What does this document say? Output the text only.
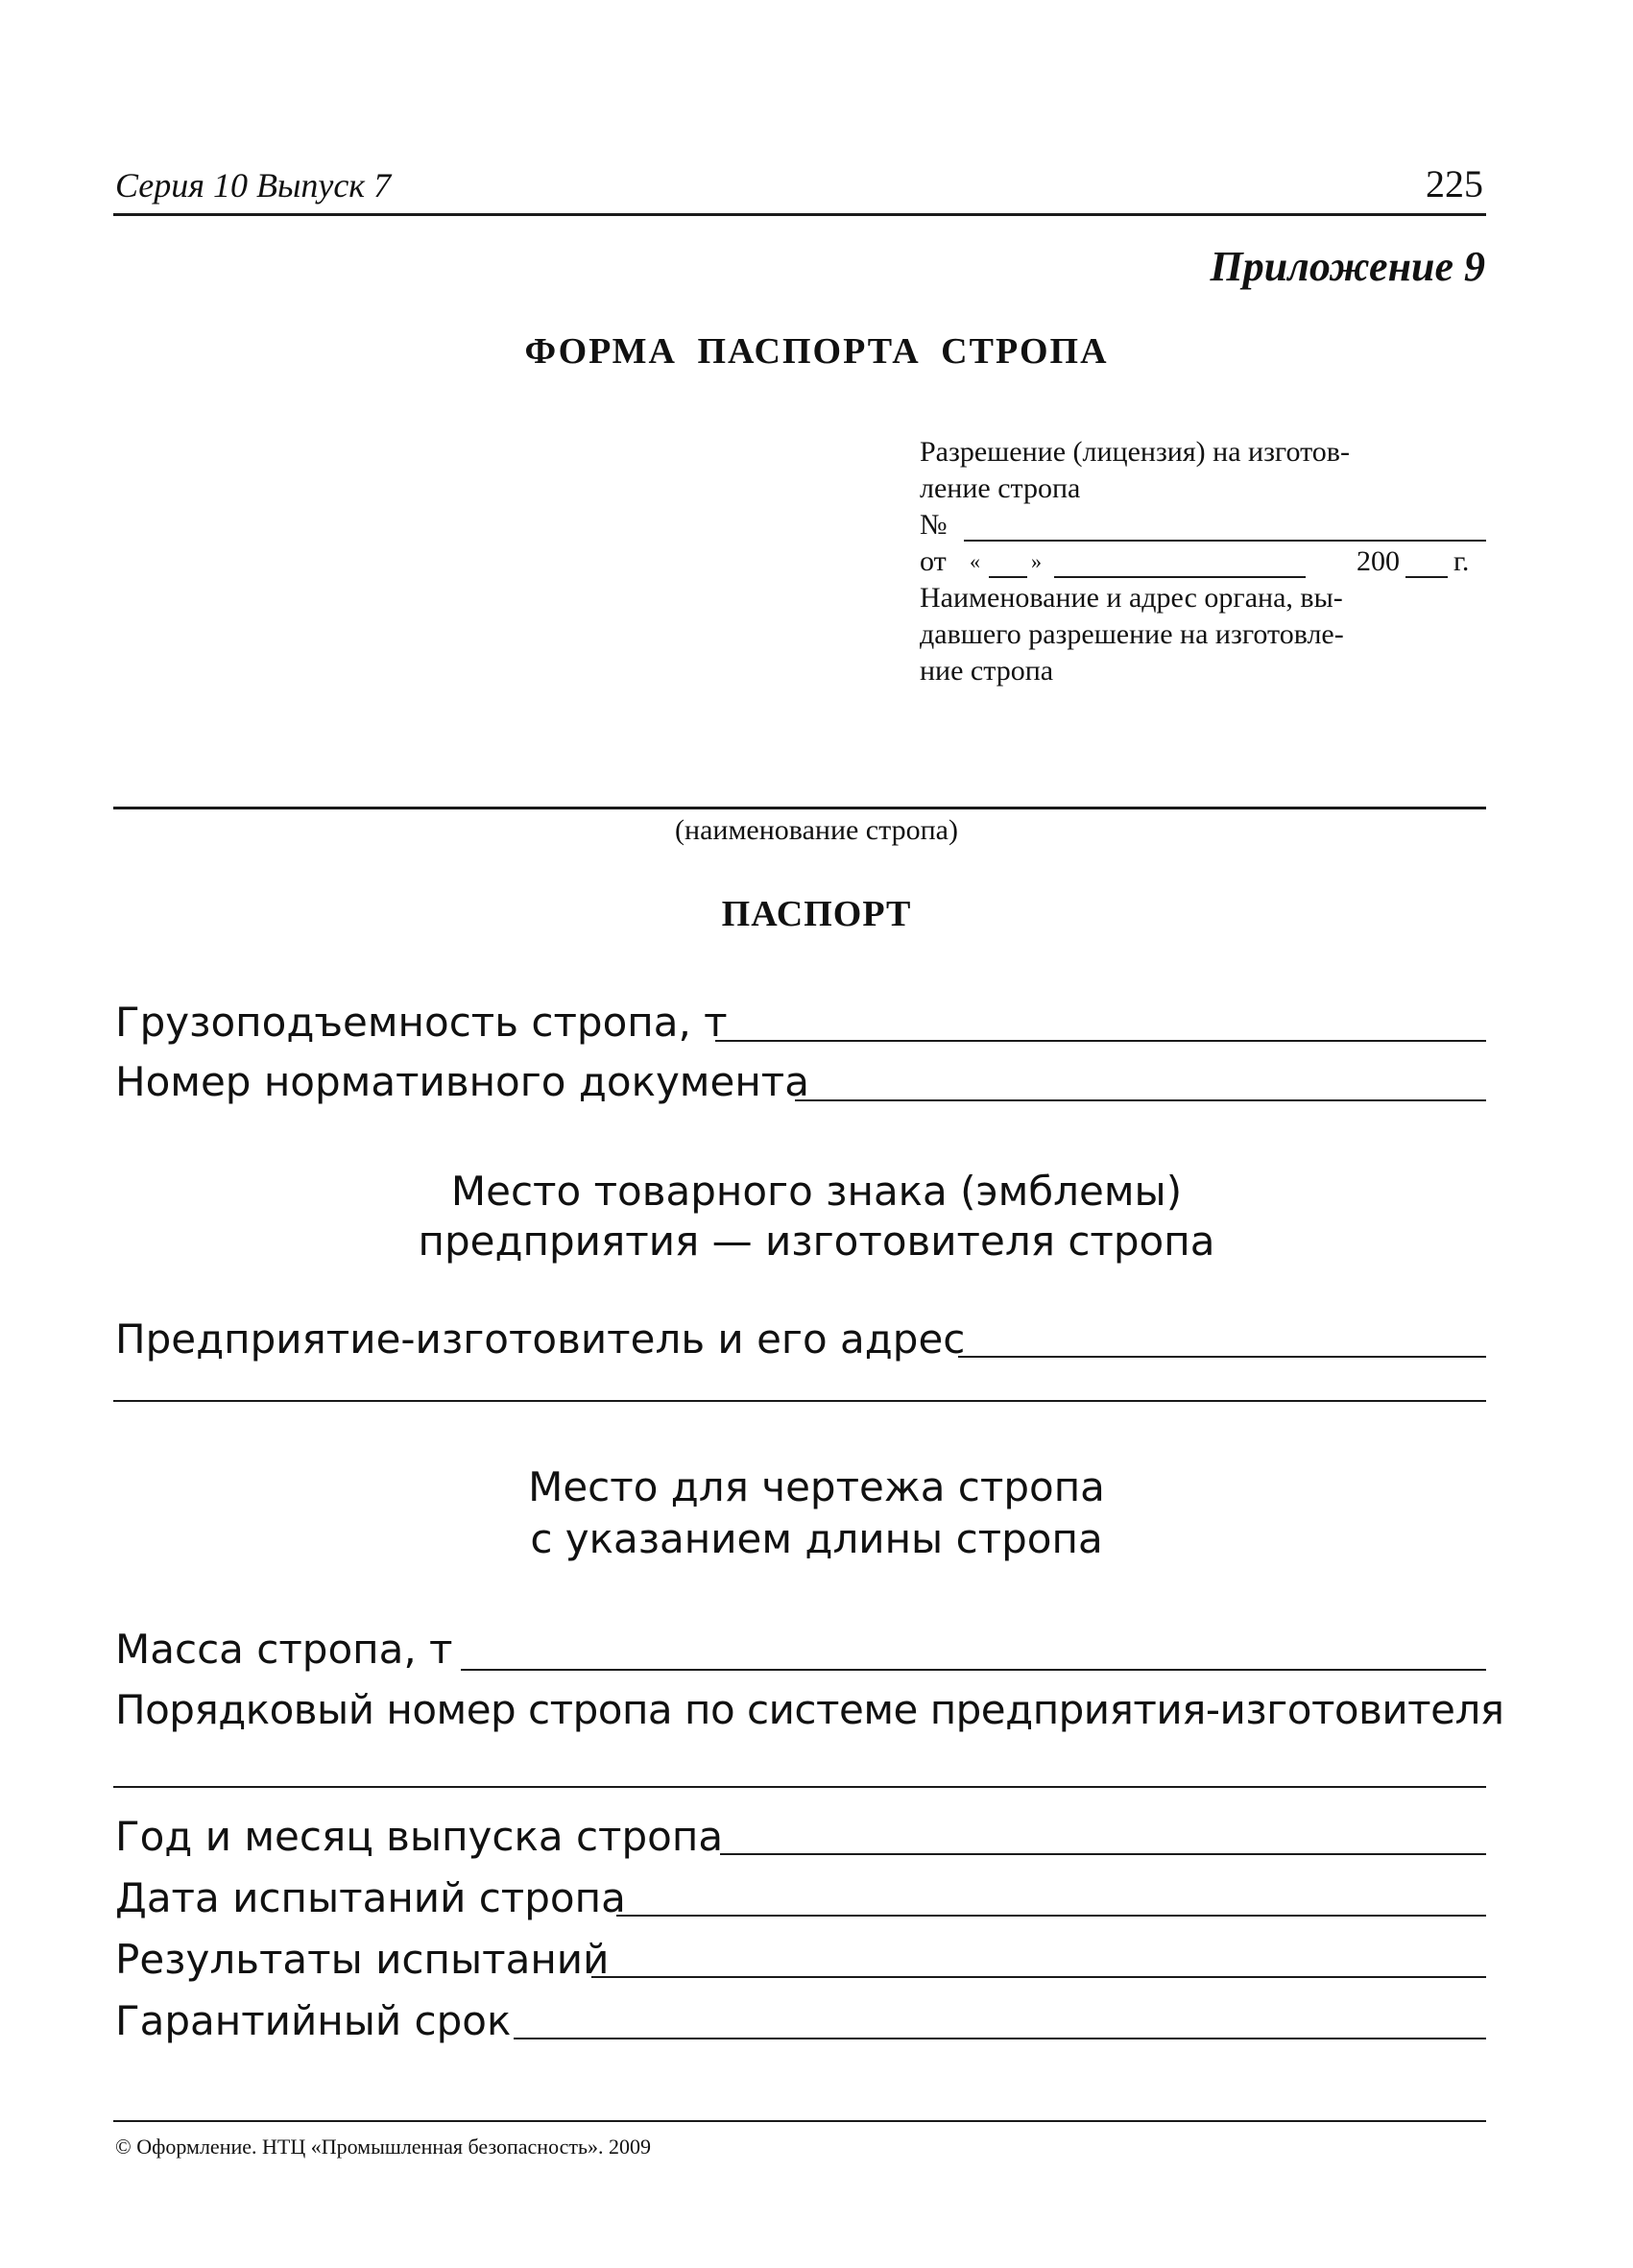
Серия 10 Выпуск 7	225
Приложение 9
ФОРМА ПАСПОРТА СТРОПА
Разрешение (лицензия) на изготов-
ление стропа
№
от « »	200 г.
Наименование и адрес органа, вы-
давшего разрешение на изготовле-
ние стропа
(наименование стропа)
ПАСПОРТ
Грузоподъемность стропа, т
Номер нормативного документа
Место товарного знака (эмблемы)
предприятия — изготовителя стропа
Предприятие-изготовитель и его адрес
Место для чертежа стропа
с указанием длины стропа
Масса стропа, т
Порядковый номер стропа по системе предприятия-изготовителя
Год и месяц выпуска стропа
Дата испытаний стропа
Результаты испытаний
Гарантийный срок
© Оформление. НТЦ «Промышленная безопасность». 2009
